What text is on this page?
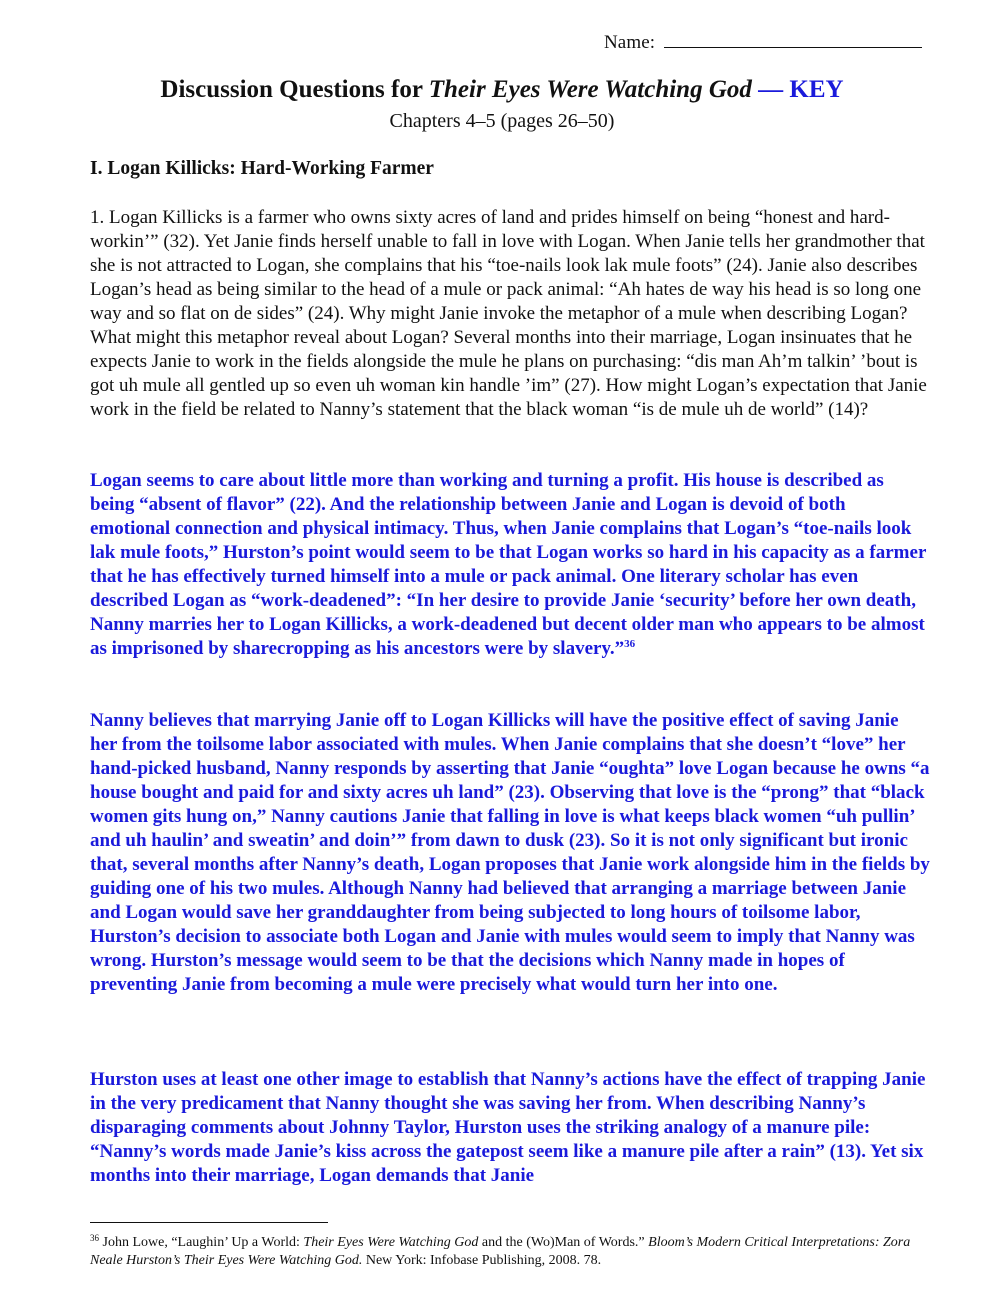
Name:
Discussion Questions for Their Eyes Were Watching God — KEY
Chapters 4–5 (pages 26–50)
I. Logan Killicks: Hard-Working Farmer
1. Logan Killicks is a farmer who owns sixty acres of land and prides himself on being “honest and hard-workin’” (32). Yet Janie finds herself unable to fall in love with Logan. When Janie tells her grandmother that she is not attracted to Logan, she complains that his “toe-nails look lak mule foots” (24). Janie also describes Logan’s head as being similar to the head of a mule or pack animal: “Ah hates de way his head is so long one way and so flat on de sides” (24). Why might Janie invoke the metaphor of a mule when describing Logan? What might this metaphor reveal about Logan? Several months into their marriage, Logan insinuates that he expects Janie to work in the fields alongside the mule he plans on purchasing: “dis man Ah’m talkin’ ’bout is got uh mule all gentled up so even uh woman kin handle ’im” (27). How might Logan’s expectation that Janie work in the field be related to Nanny’s statement that the black woman “is de mule uh de world” (14)?
Logan seems to care about little more than working and turning a profit. His house is described as being “absent of flavor” (22). And the relationship between Janie and Logan is devoid of both emotional connection and physical intimacy. Thus, when Janie complains that Logan’s “toe-nails look lak mule foots,” Hurston’s point would seem to be that Logan works so hard in his capacity as a farmer that he has effectively turned himself into a mule or pack animal. One literary scholar has even described Logan as “work-deadened”: “In her desire to provide Janie ‘security’ before her own death, Nanny marries her to Logan Killicks, a work-deadened but decent older man who appears to be almost as imprisoned by sharecropping as his ancestors were by slavery.”$^{36}$
Nanny believes that marrying Janie off to Logan Killicks will have the positive effect of saving Janie her from the toilsome labor associated with mules. When Janie complains that she doesn’t “love” her hand-picked husband, Nanny responds by asserting that Janie “oughta” love Logan because he owns “a house bought and paid for and sixty acres uh land” (23). Observing that love is the “prong” that “black women gits hung on,” Nanny cautions Janie that falling in love is what keeps black women “uh pullin’ and uh haulin’ and sweatin’ and doin’” from dawn to dusk (23). So it is not only significant but ironic that, several months after Nanny’s death, Logan proposes that Janie work alongside him in the fields by guiding one of his two mules. Although Nanny had believed that arranging a marriage between Janie and Logan would save her granddaughter from being subjected to long hours of toilsome labor, Hurston’s decision to associate both Logan and Janie with mules would seem to imply that Nanny was wrong. Hurston’s message would seem to be that the decisions which Nanny made in hopes of preventing Janie from becoming a mule were precisely what would turn her into one.
Hurston uses at least one other image to establish that Nanny’s actions have the effect of trapping Janie in the very predicament that Nanny thought she was saving her from. When describing Nanny’s disparaging comments about Johnny Taylor, Hurston uses the striking analogy of a manure pile: “Nanny’s words made Janie’s kiss across the gatepost seem like a manure pile after a rain” (13). Yet six months into their marriage, Logan demands that Janie
$^{36}$ John Lowe, “Laughin’ Up a World: Their Eyes Were Watching God and the (Wo)Man of Words.” Bloom’s Modern Critical Interpretations: Zora Neale Hurston’s Their Eyes Were Watching God. New York: Infobase Publishing, 2008. 78.
